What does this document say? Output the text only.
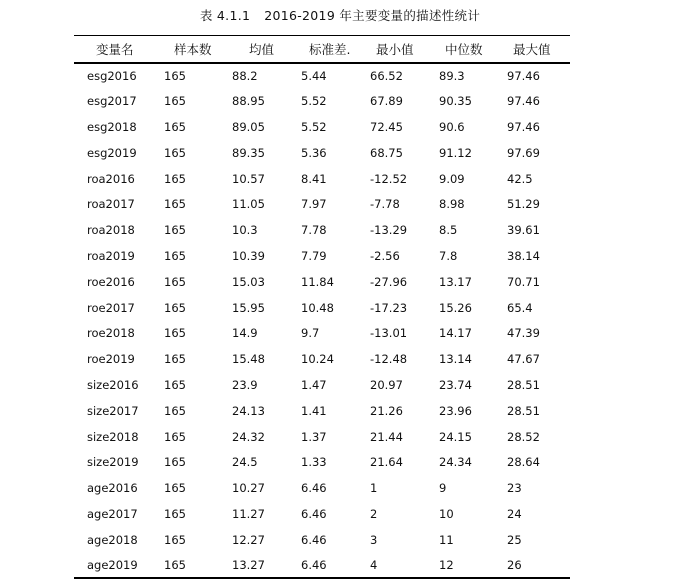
表 4.1.1 2016-2019 年主要变量的描述性统计
变量名	样本数	均值	标准差.	最小值	中位数	最大值
esg2016	165	88.2	5.44	66.52	89.3	97.46
esg2017	165	88.95	5.52	67.89	90.35	97.46
esg2018	165	89.05	5.52	72.45	90.6	97.46
esg2019	165	89.35	5.36	68.75	91.12	97.69
roa2016	165	10.57	8.41	-12.52	9.09	42.5
roa2017	165	11.05	7.97	-7.78	8.98	51.29
roa2018	165	10.3	7.78	-13.29	8.5	39.61
roa2019	165	10.39	7.79	-2.56	7.8	38.14
roe2016	165	15.03	11.84	-27.96	13.17	70.71
roe2017	165	15.95	10.48	-17.23	15.26	65.4
roe2018	165	14.9	9.7	-13.01	14.17	47.39
roe2019	165	15.48	10.24	-12.48	13.14	47.67
size2016	165	23.9	1.47	20.97	23.74	28.51
size2017	165	24.13	1.41	21.26	23.96	28.51
size2018	165	24.32	1.37	21.44	24.15	28.52
size2019	165	24.5	1.33	21.64	24.34	28.64
age2016	165	10.27	6.46	1	9	23
age2017	165	11.27	6.46	2	10	24
age2018	165	12.27	6.46	3	11	25
age2019	165	13.27	6.46	4	12	26
